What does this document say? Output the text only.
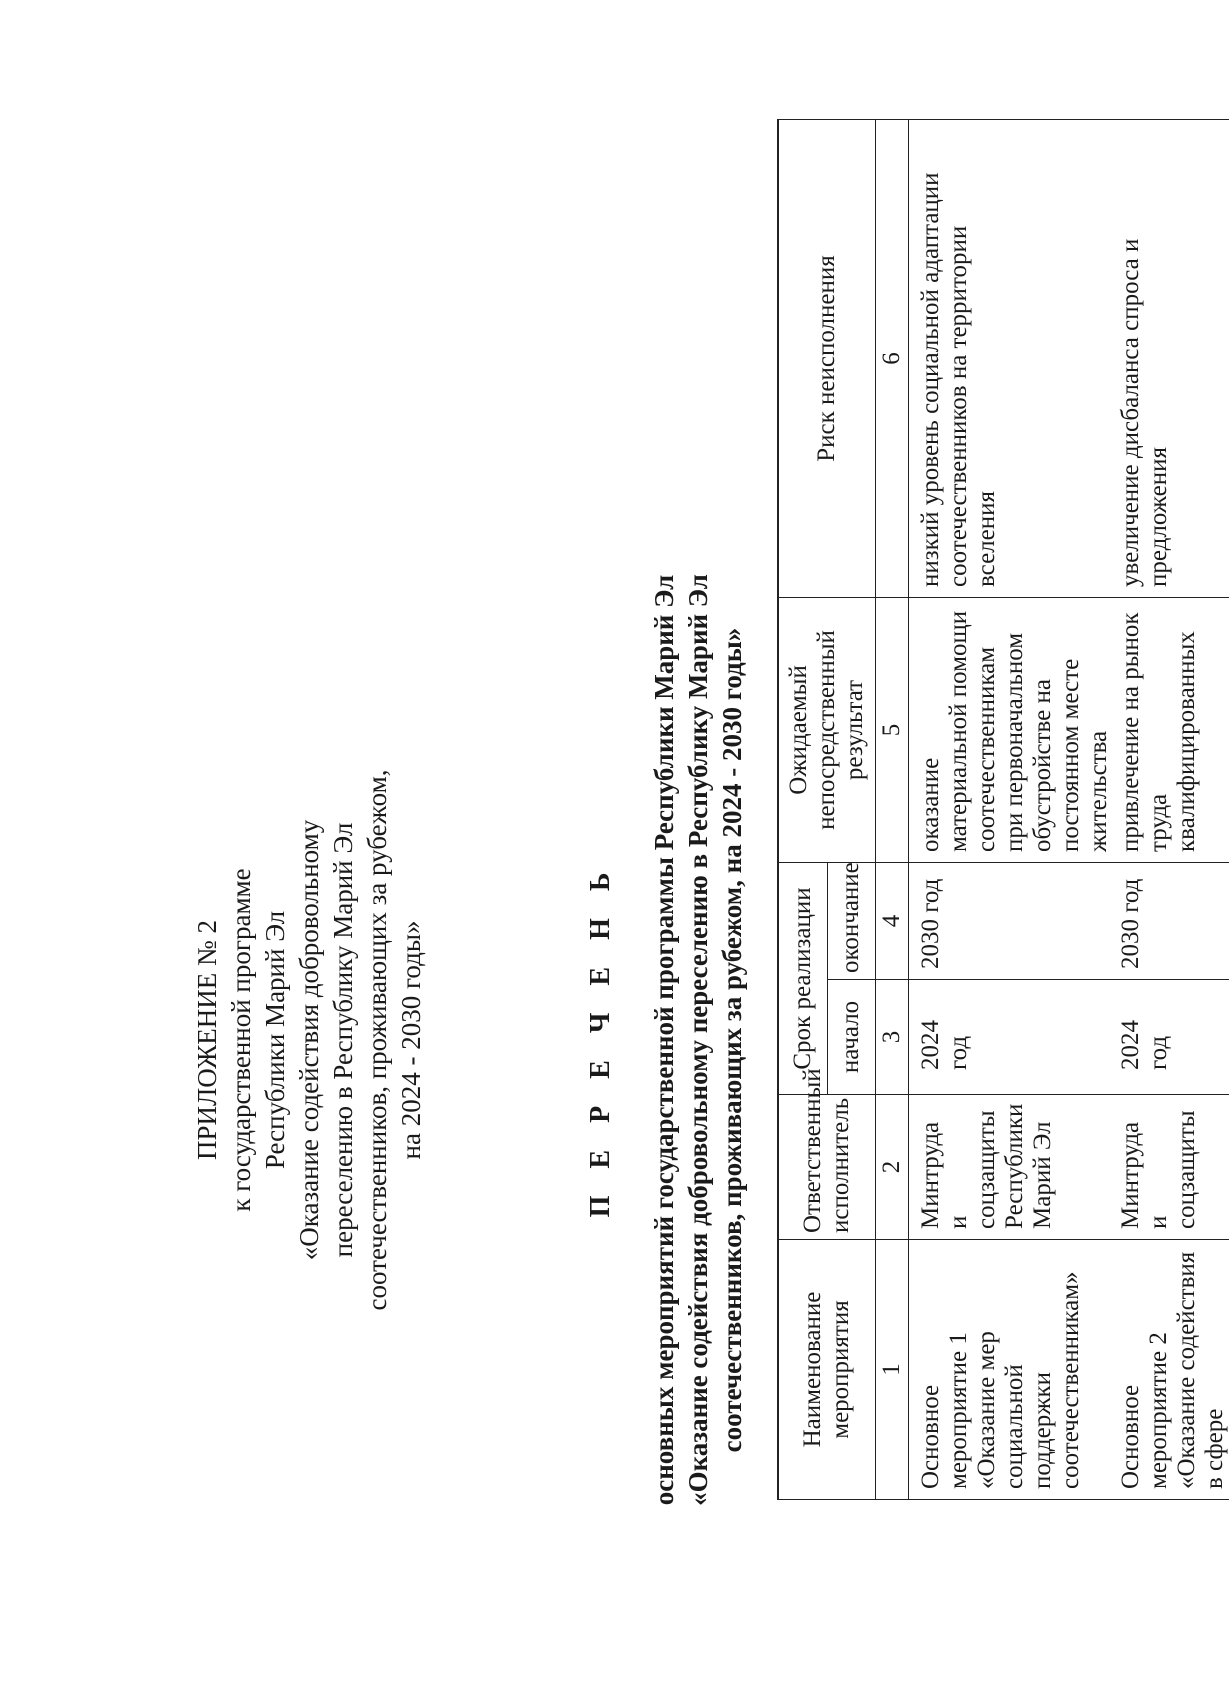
ПРИЛОЖЕНИЕ № 2 к государственной программе Республики Марий Эл «Оказание содействия добровольному переселению в Республику Марий Эл соотечественников, проживающих за рубежом, на 2024 - 2030 годы»	П Е Р Е Ч Е Н Ь основных мероприятий государственной программы Республики Марий Эл «Оказание содействия добровольному переселению в Республику Марий Эл соотечественников, проживающих за рубежом, на 2024 - 2030 годы» Наименование мероприятия	Ответственный исполнитель	Срок реализации		Ожидаемый непосредственный результат	Риск неисполнения
		начало	окончание		
1	2	3	4	5	6
Основное мероприятие 1 «Оказание мер социальной поддержки соотечественникам»	Минтруда и соцзащиты Республики Марий Эл	2024 год	2030 год	оказание материальной помощи соотечественникам при первоначальном обустройстве на постоянном месте жительства	низкий уровень социальной адаптации соотечественников на территории вселения
Основное мероприятие 2 «Оказание содействия в сфере	Минтруда и соцзащиты	2024 год	2030 год	привлечение на рынок труда квалифицированных	увеличение дисбаланса спроса и предложения
